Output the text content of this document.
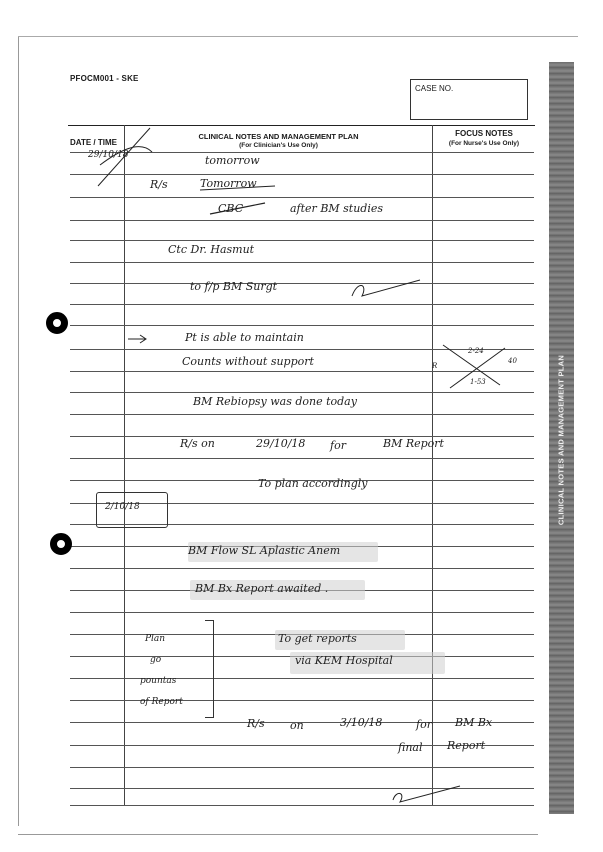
PFOCM001 - SKE
CASE NO.
DATE / TIME
CLINICAL NOTES AND MANAGEMENT PLAN
(For Clinician's Use Only)
FOCUS NOTES
(For Nurse's Use Only)
CLINICAL NOTES AND MANAGEMENT PLAN
29/10/18	tomorrow
R/s	Tomorrow
CBC	after BM studies
Ctc Dr. Hasmut
to f/p BM Surgt
Pt is able to maintain
Counts without support
BM Rebiopsy was done today
R/s on	29/10/18 for	BM Report
To plan accordingly
2/10/18
BM Flow SL Aplastic Anem
BM Bx Report awaited .
Plan
go
pountas
of Report
To get reports
via KEM Hospital
R/s on	3/10/18	for BM Bx
final Report
2-24
40
R
1-53
